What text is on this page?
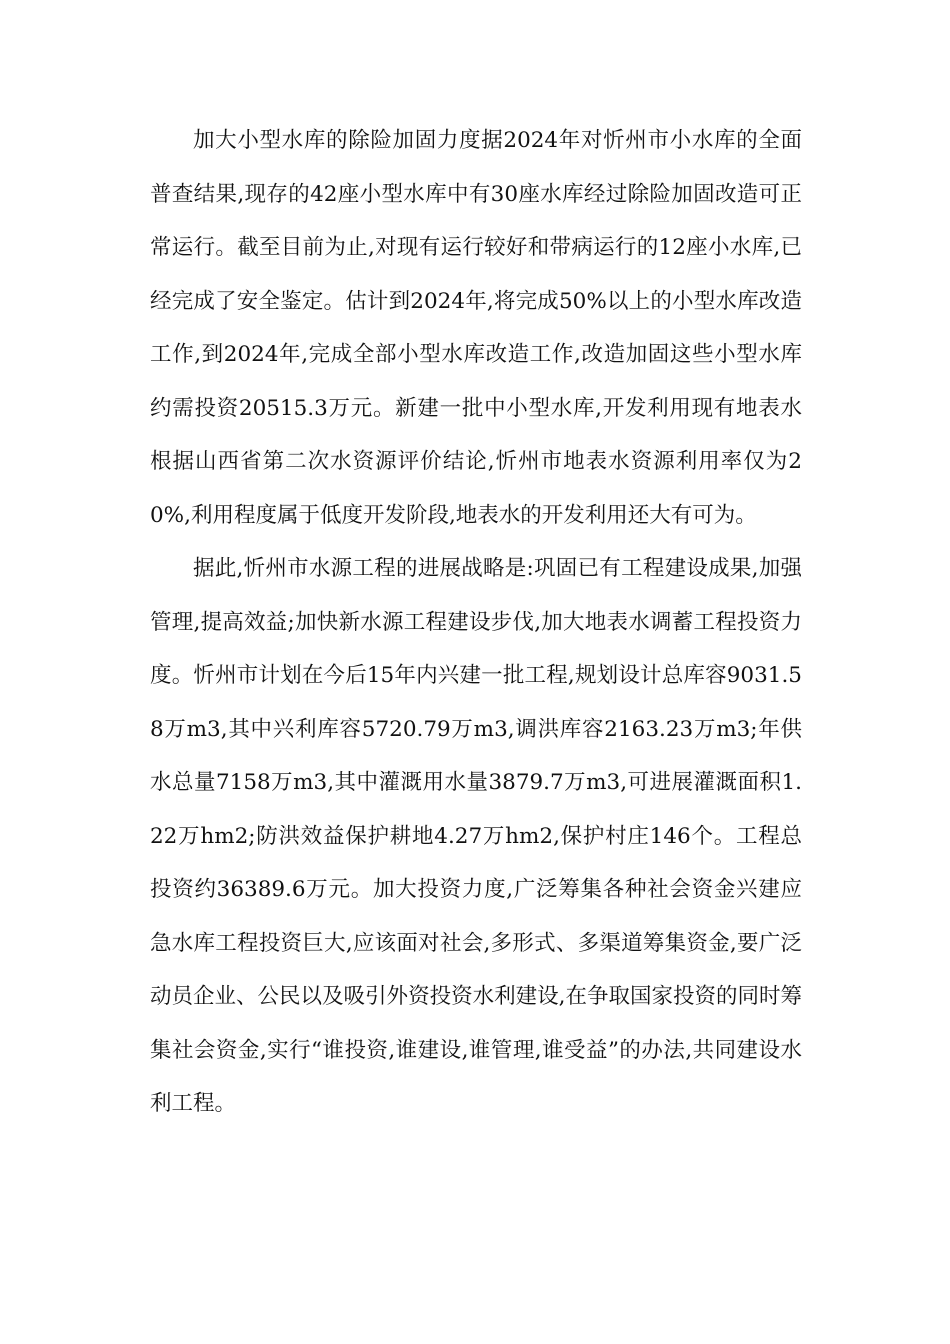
加大小型水库的除险加固力度据2024年对忻州市小水库的全面普查结果,现存的42座小型水库中有30座水库经过除险加固改造可正常运行。截至目前为止,对现有运行较好和带病运行的12座小水库,已经完成了安全鉴定。估计到2024年,将完成50%以上的小型水库改造工作,到2024年,完成全部小型水库改造工作,改造加固这些小型水库约需投资20515.3万元。新建一批中小型水库,开发利用现有地表水根据山西省第二次水资源评价结论,忻州市地表水资源利用率仅为20%,利用程度属于低度开发阶段,地表水的开发利用还大有可为。

据此,忻州市水源工程的进展战略是:巩固已有工程建设成果,加强管理,提高效益;加快新水源工程建设步伐,加大地表水调蓄工程投资力度。忻州市计划在今后15年内兴建一批工程,规划设计总库容9031.58万m3,其中兴利库容5720.79万m3,调洪库容2163.23万m3;年供水总量7158万m3,其中灌溉用水量3879.7万m3,可进展灌溉面积1.22万hm2;防洪效益保护耕地4.27万hm2,保护村庄146个。工程总投资约36389.6万元。加大投资力度,广泛筹集各种社会资金兴建应急水库工程投资巨大,应该面对社会,多形式、多渠道筹集资金,要广泛动员企业、公民以及吸引外资投资水利建设,在争取国家投资的同时筹集社会资金,实行“谁投资,谁建设,谁管理,谁受益”的办法,共同建设水利工程。
